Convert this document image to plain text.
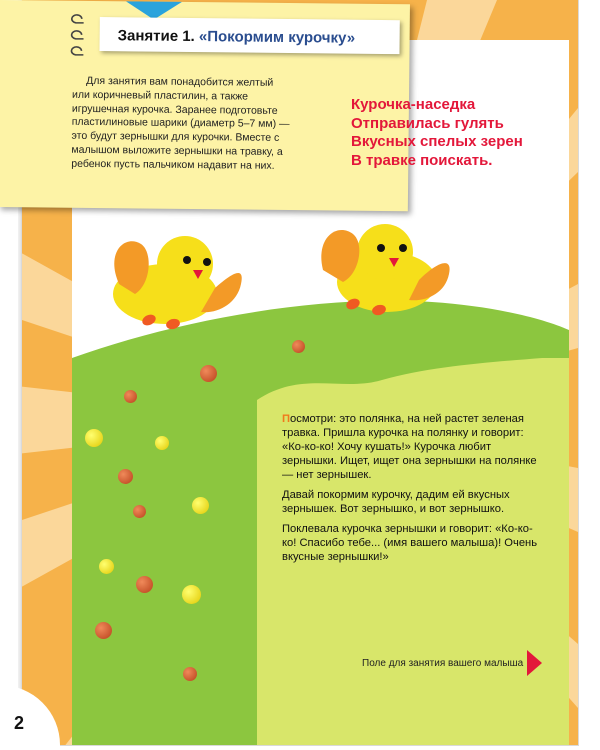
Занятие 1. «Покормим курочку»
Для занятия вам понадобится желтый или коричневый пластилин, а также игрушечная курочка. Заранее подготовьте пластилиновые шарики (диаметр 5–7 мм) — это будут зернышки для курочки. Вместе с малышом выложите зернышки на травку, а ребенок пусть пальчиком надавит на них.
Курочка-наседка
Отправилась гулять
Вкусных спелых зерен
В травке поискать.

Посмотри: это полянка, на ней растет зеленая травка. Пришла курочка на полянку и говорит: «Ко-ко-ко! Хочу кушать!» Курочка любит зернышки. Ищет, ищет она зернышки на полянке — нет зернышек.

Давай покормим курочку, дадим ей вкусных зернышек. Вот зернышко, и вот зернышко.

Поклевала курочка зернышки и говорит: «Ко-ко-ко! Спасибо тебе... (имя вашего малыша)! Очень вкусные зернышки!»

Поле для занятия вашего малыша
2
